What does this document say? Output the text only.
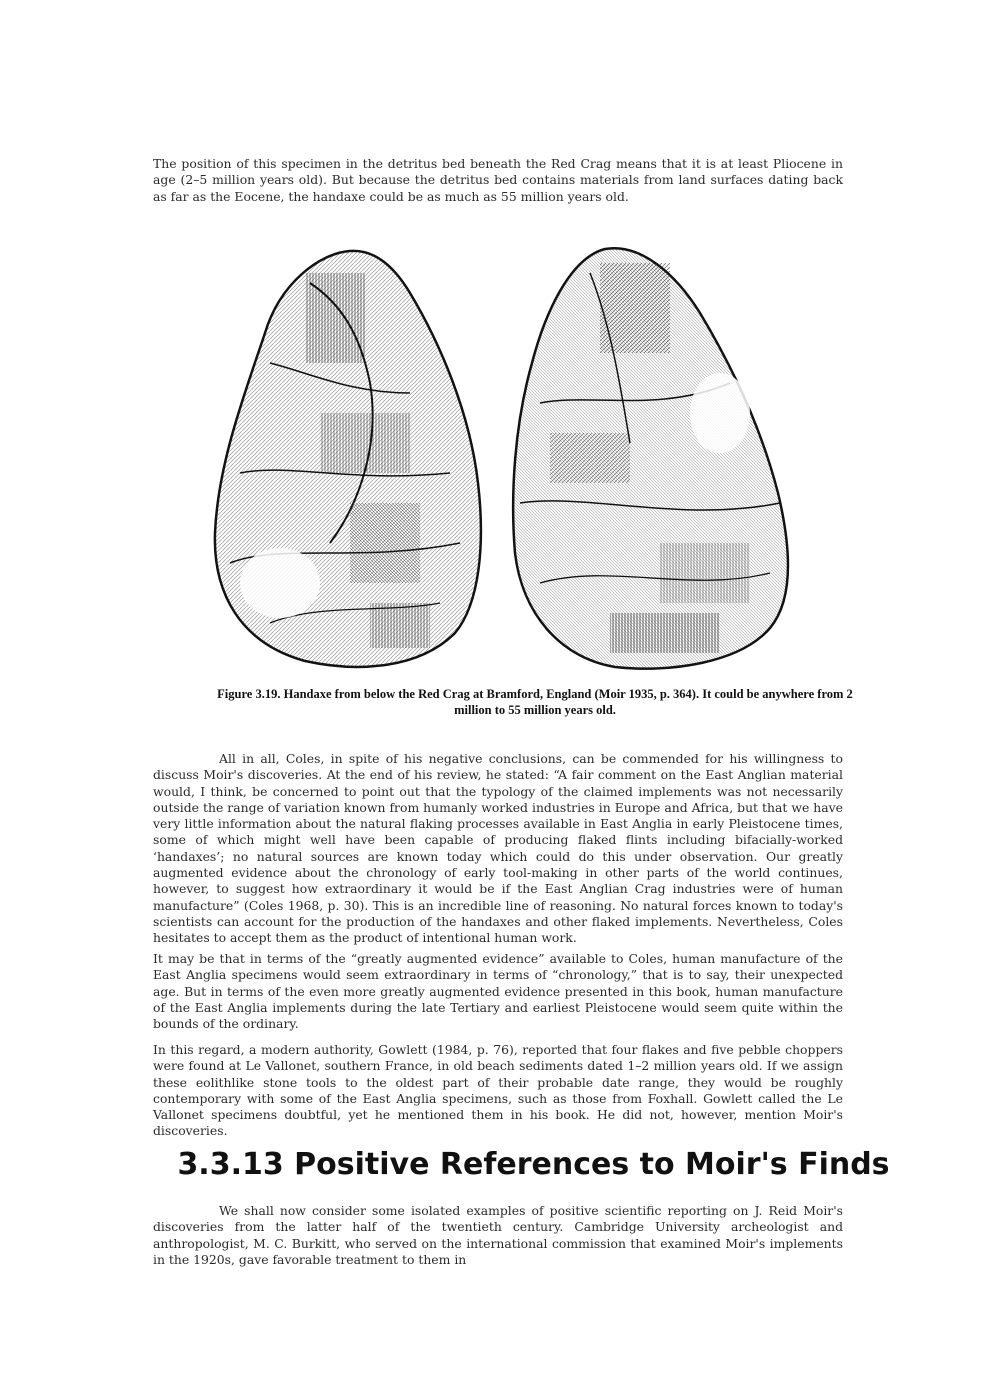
The position of this specimen in the detritus bed beneath the Red Crag means that it is at least Pliocene in age (2–5 million years old). But because the detritus bed contains materials from land surfaces dating back as far as the Eocene, the handaxe could be as much as 55 million years old.

Figure 3.19. Handaxe from below the Red Crag at Bramford, England (Moir 1935, p. 364). It could be anywhere from 2 million to 55 million years old.

All in all, Coles, in spite of his negative conclusions, can be commended for his willingness to discuss Moir's discoveries. At the end of his review, he stated: “A fair comment on the East Anglian material would, I think, be concerned to point out that the typology of the claimed implements was not necessarily outside the range of variation known from humanly worked industries in Europe and Africa, but that we have very little information about the natural flaking processes available in East Anglia in early Pleistocene times, some of which might well have been capable of producing flaked flints including bifacially-worked ‘handaxes’; no natural sources are known today which could do this under observation. Our greatly augmented evidence about the chronology of early tool-making in other parts of the world continues, however, to suggest how extraordinary it would be if the East Anglian Crag industries were of human manufacture” (Coles 1968, p. 30). This is an incredible line of reasoning. No natural forces known to today's scientists can account for the production of the handaxes and other flaked implements. Nevertheless, Coles hesitates to accept them as the product of intentional human work.

It may be that in terms of the “greatly augmented evidence” available to Coles, human manufacture of the East Anglia specimens would seem extraordinary in terms of “chronology,” that is to say, their unexpected age. But in terms of the even more greatly augmented evidence presented in this book, human manufacture of the East Anglia implements during the late Tertiary and earliest Pleistocene would seem quite within the bounds of the ordinary.

In this regard, a modern authority, Gowlett (1984, p. 76), reported that four flakes and five pebble choppers were found at Le Vallonet, southern France, in old beach sediments dated 1–2 million years old. If we assign these eolithlike stone tools to the oldest part of their probable date range, they would be roughly contemporary with some of the East Anglia specimens, such as those from Foxhall. Gowlett called the Le Vallonet specimens doubtful, yet he mentioned them in his book. He did not, however, mention Moir's discoveries.

3.3.13 Positive References to Moir's Finds

We shall now consider some isolated examples of positive scientific reporting on J. Reid Moir's discoveries from the latter half of the twentieth century. Cambridge University archeologist and anthropologist, M. C. Burkitt, who served on the international commission that examined Moir's implements in the 1920s, gave favorable treatment to them in
